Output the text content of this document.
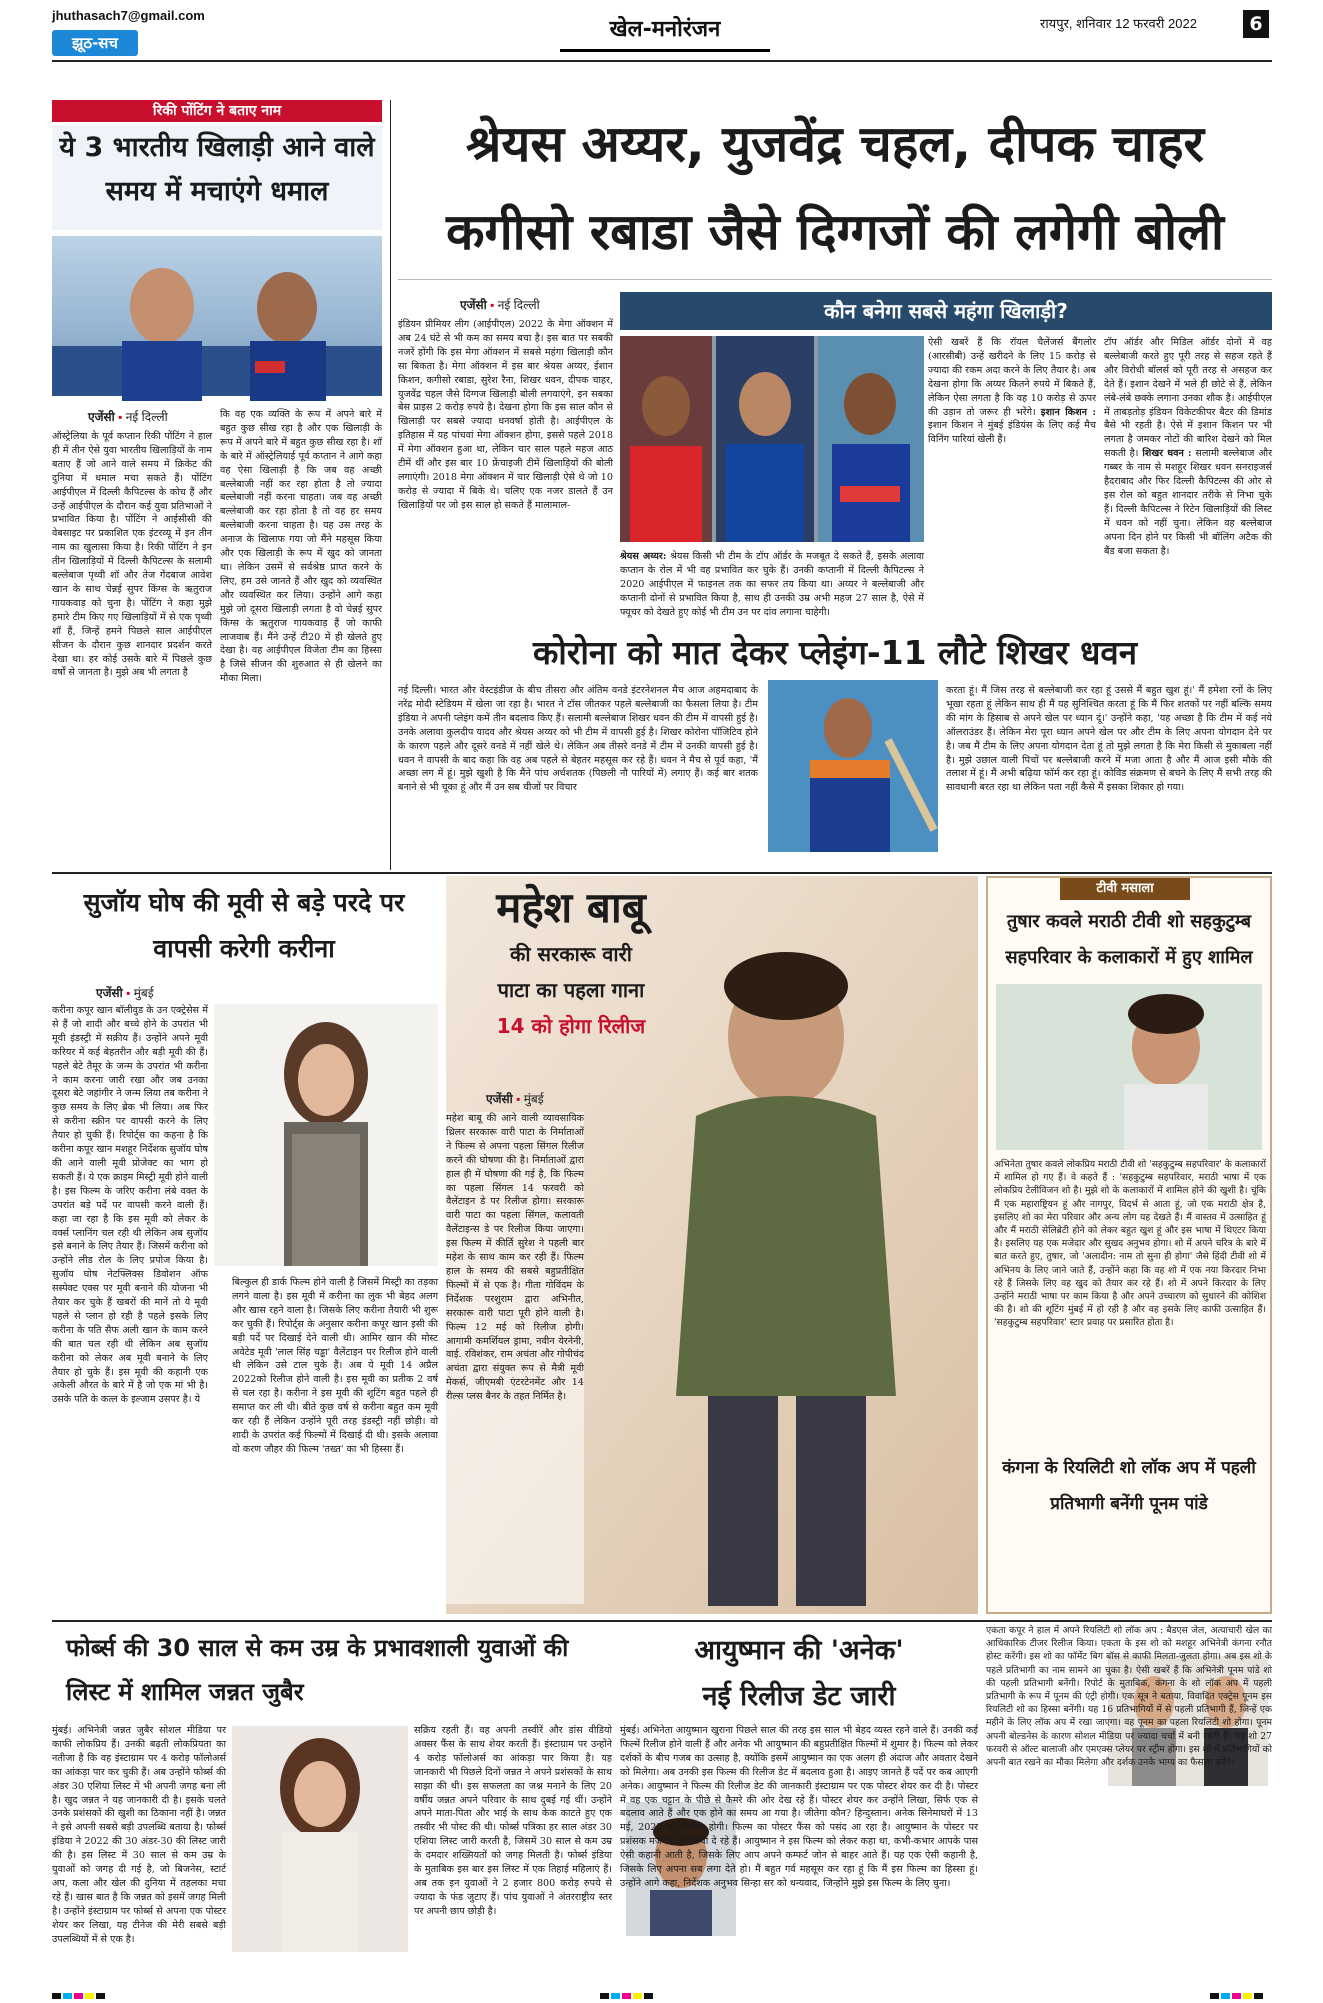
jhuthasach7@gmail.com
झूठ-सच
खेल-मनोरंजन	रायपुर, शनिवार 12 फरवरी 2022	6
रिकी पोंटिंग ने बताए नाम
ये 3 भारतीय खिलाड़ी आने वाले समय में मचाएंगे धमाल
एजेंसी ▪ नई दिल्ली
ऑस्ट्रेलिया के पूर्व कप्तान रिकी पोंटिंग ने हाल ही में तीन ऐसे युवा भारतीय खिलाड़ियों के नाम बताए हैं जो आने वाले समय में क्रिकेट की दुनिया में धमाल मचा सकते हैं। पोंटिंग आईपीएल में दिल्ली कैपिटल्स के कोच हैं और उन्हें आईपीएल के दौरान कई युवा प्रतिभाओं ने प्रभावित किया है। पोंटिंग ने आईसीसी की वेबसाइट पर प्रकाशित एक इंटरव्यू में इन तीन नाम का खुलासा किया है। रिकी पोंटिंग ने इन तीन खिलाड़ियों में दिल्ली कैपिटल्स के सलामी बल्लेबाज पृथ्वी शॉ और तेज गेंदबाज आवेश खान के साथ चेन्नई सुपर किंग्स के ऋतुराज गायकवाड़ को चुना है। पोंटिंग ने कहा मुझे हमारे टीम किए गए खिलाड़ियों में से एक पृथ्वी शॉ हैं, जिन्हें हमने पिछले साल आईपीएल सीजन के दौरान कुछ शानदार प्रदर्शन करते देखा था। हर कोई उसके बारे में पिछले कुछ वर्षों से जानता है। मुझे अब भी लगता है
कि वह एक व्यक्ति के रूप में अपने बारे में बहुत कुछ सीख रहा है और एक खिलाड़ी के रूप में अपने बारे में बहुत कुछ सीख रहा है। शॉ के बारे में ऑस्ट्रेलियाई पूर्व कप्तान ने आगे कहा वह ऐसा खिलाड़ी है कि जब वह अच्छी बल्लेबाजी नहीं कर रहा होता है तो ज्यादा बल्लेबाजी नहीं करना चाहता। जब वह अच्छी बल्लेबाजी कर रहा होता है तो वह हर समय बल्लेबाजी करना चाहता है। यह उस तरह के अनाज के खिलाफ गया जो मैंने महसूस किया और एक खिलाड़ी के रूप में खुद को जानता था। लेकिन उसमें से सर्वश्रेष्ठ प्राप्त करने के लिए, हम उसे जानते हैं और खुद को व्यवस्थित और व्यवस्थित कर लिया। उन्होंने आगे कहा मुझे जो दूसरा खिलाड़ी लगता है वो चेन्नई सुपर किंग्स के ऋतुराज गायकवाड़ हैं जो काफी लाजवाब हैं। मैंने उन्हें टी20 में ही खेलते हुए देखा है। वह आईपीएल विजेता टीम का हिस्सा है जिसे सीजन की शुरुआत से ही खेलने का मौका मिला।
श्रेयस अय्यर, युजवेंद्र चहल, दीपक चाहर
कगीसो रबाडा जैसे दिग्गजों की लगेगी बोली
एजेंसी ▪ नई दिल्ली	कौन बनेगा सबसे महंगा खिलाड़ी?
इंडियन प्रीमियर लीग (आईपीएल) 2022 के मेगा ऑक्शन में अब 24 घंटे से भी कम का समय बचा है। इस बात पर सबकी नजरें होंगी कि इस मेगा ऑक्शन में सबसे महंगा खिलाड़ी कौन सा बिकता है। मेगा ऑक्शन में इस बार श्रेयस अय्यर, ईशान किशन, कगीसो रबाडा, सुरेश रैना, शिखर धवन, दीपक चाहर, युजवेंद्र चहल जैसे दिग्गज खिलाड़ी बोली लगवाएंगे, इन सबका बेस प्राइस 2 करोड़ रुपये है। देखना होगा कि इस साल कौन से खिलाड़ी पर सबसे ज्यादा धनवर्षा होती है। आईपीएल के इतिहास में यह पांचवां मेगा ऑक्शन होगा, इससे पहले 2018 में मेगा ऑक्शन हुआ था, लेकिन चार साल पहले महज आठ टीमें थीं और इस बार 10 फ्रेंचाइजी टीमें खिलाड़ियों की बोली लगाएंगी। 2018 मेगा ऑक्शन में चार खिलाड़ी ऐसे थे जो 10 करोड़ से ज्यादा में बिके थे। चलिए एक नजर डालते हैं उन खिलाड़ियों पर जो इस साल हो सकते हैं मालामाल-
श्रेयस अय्यर: श्रेयस किसी भी टीम के टॉप ऑर्डर के मजबूत दे सकते हैं, इसके अलावा कप्तान के रोल में भी वह प्रभावित कर चुके हैं। उनकी कप्तानी में दिल्ली कैपिटल्स ने 2020 आईपीएल में फाइनल तक का सफर तय किया था। अय्यर ने बल्लेबाजी और कप्तानी दोनों से प्रभावित किया है, साथ ही उनकी उम्र अभी महज 27 साल है, ऐसे में फ्यूचर को देखते हुए कोई भी टीम उन पर दांव लगाना चाहेगी।
ऐसी खबरें हैं कि रॉयल चैलेंजर्स बैंगलोर (आरसीबी) उन्हें खरीदने के लिए 15 करोड़ से ज्यादा की रकम अदा करने के लिए तैयार है। अब देखना होगा कि अय्यर कितने रुपये में बिकते हैं, लेकिन ऐसा लगता है कि वह 10 करोड़ से ऊपर की उड़ान तो जरूर ही भरेंगे। इशान किशन : इशान किशन ने मुंबई इंडियंस के लिए कई मैच विनिंग पारियां खेली हैं।
टॉप ऑर्डर और मिडिल ऑर्डर दोनों में वह बल्लेबाजी करते हुए पूरी तरह से सहज रहते हैं और विरोधी बॉलर्स को पूरी तरह से असहज कर देते हैं। इशान देखने में भले ही छोटे से हैं, लेकिन लंबे-लंबे छक्के लगाना उनका शौक है। आईपीएल में ताबड़तोड़ इंडियन विकेटकीपर बैटर की डिमांड बैसे भी रहती है। ऐसे में इशान किशन पर भी लगता है जमकर नोटों की बारिश देखने को मिल सकती है। शिखर धवन : सलामी बल्लेबाज और गब्बर के नाम से मशहूर शिखर धवन सनराइजर्स हैदराबाद और फिर दिल्ली कैपिटल्स की ओर से इस रोल को बहुत शानदार तरीके से निभा चुके हैं। दिल्ली कैपिटल्स ने रिटेन खिलाड़ियों की लिस्ट में धवन को नहीं चुना। लेकिन वह बल्लेबाज अपना दिन होने पर किसी भी बॉलिंग अटैक की बैंड बजा सकता है।
कोरोना को मात देकर प्लेइंग-11 लौटे शिखर धवन
नई दिल्ली। भारत और वेस्टइंडीज के बीच तीसरा और अंतिम वनडे इंटरनेशनल मैच आज अहमदाबाद के नरेंद्र मोदी स्टेडियम में खेला जा रहा है। भारत ने टॉस जीतकर पहले बल्लेबाजी का फैसला लिया है। टीम इंडिया ने अपनी प्लेइंग कमें तीन बदलाव किए हैं। सलामी बल्लेबाज शिखर धवन की टीम में वापसी हुई है। उनके अलावा कुलदीप यादव और श्रेयस अय्यर को भी टीम में वापसी हुई है। शिखर कोरोना पॉजिटिव होने के कारण पहले और दूसरे वनडे में नहीं खेले थे। लेकिन अब तीसरे वनडे में टीम में उनकी वापसी हुई है। धवन ने वापसी के बाद कहा कि वह अब पहले से बेहतर महसूस कर रहे हैं। धवन ने मैच से पूर्व कहा, 'मैं अच्छा लग में हूं। मुझे खुशी है कि मैंने पांच अर्धशतक (पिछली नौ पारियों में) लगाए हैं। कई बार शतक बनाने से भी चूका हूं और मैं उन सब चीजों पर विचार
करता हूं। मैं जिस तरह से बल्लेबाजी कर रहा हूं उससे मैं बहुत खुश हूं।' मैं हमेशा रनों के लिए भूखा रहता हूं लेकिन साथ ही मैं यह सुनिश्चित करता हूं कि मैं फिर शतकों पर नहीं बल्कि समय की मांग के हिसाब से अपने खेल पर ध्यान दूं।' उन्होंने कहा, 'यह अच्छा है कि टीम में कई नये ऑलराउंडर हैं। लेकिन मेरा पूरा ध्यान अपने खेल पर और टीम के लिए अपना योगदान देने पर है। जब मैं टीम के लिए अपना योगदान देता हूं तो मुझे लगता है कि मेरा किसी से मुकाबला नहीं है। मुझे उछाल वाली पिचों पर बल्लेबाजी करने में मजा आता है और मैं आज इसी मौके की तलाश में हूं। मैं अभी बढ़िया फॉर्म कर रहा हूं। कोविड संक्रमण से बचने के लिए मैं सभी तरह की सावधानी बरत रहा था लेकिन पता नहीं कैसे मैं इसका शिकार हो गया।
सुजॉय घोष की मूवी से बड़े परदे पर वापसी करेगी करीना
एजेंसी ▪ मुंबई
करीना कपूर खान बॉलीवुड के उन एक्ट्रेसेस में से हैं जो शादी और बच्चे होने के उपरांत भी मूवी इंडस्ट्री में सक्रीय हैं। उन्होंने अपने मूवी करियर में कई बेहतरीन और बड़ी मूवी की हैं। पहले बेटे तैमूर के जन्म के उपरांत भी करीना ने काम करना जारी रखा और जब उनका दूसरा बेटे जहांगीर ने जन्म लिया तब करीना ने कुछ समय के लिए ब्रेक भी लिया। अब फिर से करीना स्क्रीन पर वापसी करने के लिए तैयार हो चुकी हैं। रिपोर्ट्स का कहना है कि करीना कपूर खान मशहूर निर्देशक सुजॉय घोष की आने वाली मूवी प्रोजेक्ट का भाग हो सकती हैं। ये एक क्राइम मिस्ट्री मूवी होने वाली है। इस फिल्म के जरिए करीना लंबे वक्त के उपरांत बड़े पर्दे पर वापसी करने वाली हैं। कहा जा रहा है कि इस मूवी को लेकर के वर्क्स प्लानिंग चल रही थी लेकिन अब सुजॉय इसे बनाने के लिए तैयार हैं। जिसमें करीना को उन्होंने लीड रोल के लिए प्रपोज किया है। सुजॉय घोष नेटफ्लिक्स डिवोशन ऑफ सस्पेक्ट एक्स पर मूवी बनाने की योजना भी तैयार कर चुके हैं खबरों की मानें तो ये मूवी पहले से प्लान हो रही है पहले इसके लिए करीना के पति सैफ अली खान के काम करने की बात चल रही थी लेकिन अब सुजॉय करीना को लेकर अब मूवी बनाने के लिए तैयार हो चुके हैं। इस मूवी की कहानी एक अकेली औरत के बारे में है जो एक मां भी है। उसके पति के कत्ल के इल्जाम उसपर है। ये
बिल्कुल ही डार्क फिल्म होने वाली है जिसमें मिस्ट्री का तड़का लगने वाला है। इस मूवी में करीना का लुक भी बेहद अलग और खास रहने वाला है। जिसके लिए करीना तैयारी भी शुरू कर चुकी हैं। रिपोर्ट्स के अनुसार करीना कपूर खान इसी की बड़ी पर्दे पर दिखाई देने वाली थी। आमिर खान की मोस्ट अवेटेड मूवी 'लाल सिंह चड्ढा' वैलेंटाइन पर रिलीज होने वाली थी लेकिन उसे टाल चुके हैं। अब ये मूवी 14 अप्रैल 2022को रिलीज होने वाली है। इस मूवी का प्रतीक 2 वर्ष से चल रहा है। करीना ने इस मूवी की शूटिंग बहुत पहले ही समाप्त कर ली थी। बीते कुछ वर्ष से करीना बहुत कम मूवी कर रही हैं लेकिन उन्होंने पूरी तरह इंडस्ट्री नहीं छोड़ी। वो शादी के उपरांत कई फिल्मों में दिखाई दी थी। इसके अलावा वो करण जौहर की फिल्म 'तख्त' का भी हिस्सा हैं।
महेश बाबू
की सरकारू वारी
पाटा का पहला गाना
14 को होगा रिलीज
एजेंसी ▪ मुंबई
महेश बाबू की आने वाली व्यावसायिक थ्रिलर सरकारू वारी पाटा के निर्माताओं ने फिल्म से अपना पहला सिंगल रिलीज करने की घोषणा की है। निर्माताओं द्वारा हाल ही में घोषणा की गई है, कि फिल्म का पहला सिंगल 14 फरवरी को वैलेंटाइन डे पर रिलीज होगा। सरकारू वारी पाटा का पहला सिंगल, कलावती वैलेंटाइन्स डे पर रिलीज किया जाएगा। इस फिल्म में कीर्ति सुरेश ने पहली बार महेश के साथ काम कर रही हैं। फिल्म हाल के समय की सबसे बहुप्रतीक्षित फिल्मों में से एक है। गीता गोविंदम के निर्देशक परशुराम द्वारा अभिनीत, सरकारू वारी पाटा पूरी होने वाली है। फिल्म 12 मई को रिलीज होगी। आगामी कमर्शियल ड्रामा, नवीन येरनेनी, वाई. रविशंकर, राम अचंता और गोपीचंद अचंता द्वारा संयुक्त रूप से मैत्री मूवी मेकर्स, जीएमबी एंटरटेनमेंट और 14 रील्स प्लस बैनर के तहत निर्मित है।
टीवी मसाला
तुषार कवले मराठी टीवी शो सहकुटुम्ब सहपरिवार के कलाकारों में हुए शामिल
अभिनेता तुषार कवले लोकप्रिय मराठी टीवी शो 'सहकुटुम्ब सहपरिवार' के कलाकारों में शामिल हो गए हैं। वे कहते हैं : 'सहकुटुम्ब सहपरिवार, मराठी भाषा में एक लोकप्रिय टेलीविजन शो है। मुझे शो के कलाकारों में शामिल होने की खुशी है। चूंकि मैं एक महाराष्ट्रियन हूं और नागपुर, विदर्भ से आता हूं, जो एक मराठी क्षेत्र है, इसलिए शो का मेरा परिवार और अन्य लोग यह देखते हैं। मैं वास्तव में उत्साहित हूं और मैं मराठी सेलिब्रेटी होने को लेकर बहुत खुश हूं और इस भाषा में थिएटर किया है। इसलिए यह एक मजेदार और सुखद अनुभव होगा। शो में अपने चरित्र के बारे में बात करते हुए, तुषार, जो 'अलादीन: नाम तो सुना ही होगा' जैसे हिंदी टीवी शो में अभिनय के लिए जाने जाते हैं, उन्होंने कहा कि वह शो में एक नया किरदार निभा रहे हैं जिसके लिए वह खुद को तैयार कर रहे हैं। शो में अपने किरदार के लिए उन्होंने मराठी भाषा पर काम किया है और अपने उच्चारण को सुधारने की कोशिश की है। शो की शूटिंग मुंबई में हो रही है और वह इसके लिए काफी उत्साहित हैं। 'सहकुटुम्ब सहपरिवार' स्टार प्रवाह पर प्रसारित होता है।
कंगना के रियलिटी शो लॉक अप में पहली प्रतिभागी बनेंगी पूनम पांडे
फोर्ब्स की 30 साल से कम उम्र के प्रभावशाली युवाओं की लिस्ट में शामिल जन्नत जुबैर
मुंबई। अभिनेत्री जन्नत जुबैर सोशल मीडिया पर काफी लोकप्रिय हैं। उनकी बढ़ती लोकप्रियता का नतीजा है कि वह इंस्टाग्राम पर 4 करोड़ फॉलोअर्स का आंकड़ा पार कर चुकी हैं। अब उन्होंने फोर्ब्स की अंडर 30 एशिया लिस्ट में भी अपनी जगह बना ली है। खुद जन्नत ने यह जानकारी दी है। इसके चलते उनके प्रशंसकों की खुशी का ठिकाना नहीं है। जन्नत ने इसे अपनी सबसे बड़ी उपलब्धि बताया है। फोर्ब्स इंडिया ने 2022 की 30 अंडर-30 की लिस्ट जारी की है। इस लिस्ट में 30 साल से कम उम्र के युवाओं को जगह दी गई है, जो बिजनेस, स्टार्ट अप, कला और खेल की दुनिया में तहलका मचा रहे हैं। खास बात है कि जन्नत को इसमें जगह मिली है। उन्होंने इंस्टाग्राम पर फोर्ब्स से अपना एक पोस्टर शेयर कर लिखा, यह टीनेज की मेरी सबसे बड़ी उपलब्धियों में से एक है।
सक्रिय रहती हैं। वह अपनी तस्वीरें और डांस वीडियो अक्सर फैंस के साथ शेयर करती हैं। इंस्टाग्राम पर उन्होंने 4 करोड़ फॉलोअर्स का आंकड़ा पार किया है। यह जानकारी भी पिछले दिनों जन्नत ने अपने प्रशंसकों के साथ साझा की थी। इस सफलता का जश्न मनाने के लिए 20 वर्षीय जन्नत अपने परिवार के साथ दुबई गई थीं। उन्होंने अपने माता-पिता और भाई के साथ केक काटते हुए एक तस्वीर भी पोस्ट की थी। फोर्ब्स पत्रिका हर साल अंडर 30 एशिया लिस्ट जारी करती है, जिसमें 30 साल से कम उम्र के दमदार शख्सियतों को जगह मिलती है। फोर्ब्स इंडिया के मुताबिक इस बार इस लिस्ट में एक तिहाई महिलाएं हैं। अब तक इन युवाओं ने 2 हजार 800 करोड़ रुपये से ज्यादा के फंड जुटाए हैं। पांच युवाओं ने अंतरराष्ट्रीय स्तर पर अपनी छाप छोड़ी है।
आयुष्मान की 'अनेक'
नई रिलीज डेट जारी
मुंबई। अभिनेता आयुष्मान खुराना पिछले साल की तरह इस साल भी बेहद व्यस्त रहने वाले हैं। उनकी कई फिल्में रिलीज होने वाली हैं और अनेक भी आयुष्मान की बहुप्रतीक्षित फिल्मों में शुमार है। फिल्म को लेकर दर्शकों के बीच गजब का उत्साह है, क्योंकि इसमें आयुष्मान का एक अलग ही अंदाज और अवतार देखने को मिलेगा। अब उनकी इस फिल्म की रिलीज डेट में बदलाव हुआ है। आइए जानते हैं पर्दे पर कब आएगी अनेक। आयुष्मान ने फिल्म की रिलीज डेट की जानकारी इंस्टाग्राम पर एक पोस्टर शेयर कर दी है। पोस्टर में वह एक चट्टान के पीछे से कैमरे की ओर देख रहे हैं। पोस्टर शेयर कर उन्होंने लिखा, सिर्फ एक से बदलाव आते हैं और एक होने का समय आ गया है। जीतेगा कौन? हिन्दुस्तान। अनेक सिनेमाघरों में 13 मई, 2022 को रिलीज होगी। फिल्म का पोस्टर फैंस को पसंद आ रहा है। आयुष्मान के पोस्टर पर प्रशंसक मजेदार प्रतिक्रिया दे रहे हैं। आयुष्मान ने इस फिल्म को लेकर कहा था, कभी-कभार आपके पास ऐसी कहानी आती है, जिसके लिए आप अपने कम्फर्ट जोन से बाहर आते हैं। यह एक ऐसी कहानी है, जिसके लिए अपना सब लगा देते हो। मैं बहुत गर्व महसूस कर रहा हूं कि मैं इस फिल्म का हिस्सा हूं। उन्होंने आगे कहा, निर्देशक अनुभव सिन्हा सर को धन्यवाद, जिन्होंने मुझे इस फिल्म के लिए चुना।
एकता कपूर ने हाल में अपने रियलिटी शो लॉक अप : बैडएस जेल, अत्याचारी खेल का आधिकारिक टीजर रिलीज किया। एकता के इस शो को मशहूर अभिनेत्री कंगना रनौत होस्ट करेंगी। इस शो का फॉर्मेट बिग बॉस से काफी मिलता-जुलता होगा। अब इस शो के पहले प्रतिभागी का नाम सामने आ चुका है। ऐसी खबरें हैं कि अभिनेत्री पूनम पांडे शो की पहली प्रतिभागी बनेंगी। रिपोर्ट के मुताबिक, कंगना के शो लॉक अप में पहली प्रतिभागी के रूप में पूनम की एंट्री होगी। एक सूत्र ने बताया, विवादित एक्ट्रेस पूनम इस रियलिटी शो का हिस्सा बनेंगी। यह 16 प्रतिभागियों में से पहली प्रतिभागी हैं, जिन्हें एक महीने के लिए लॉक अप में रखा जाएगा। वह पूनम का पहला रियलिटी शो होगा। पूनम अपनी बोल्डनेस के कारण सोशल मीडिया पर ज्यादा चर्चा में बनी रहती हैं। यह शो 27 फरवरी से ऑल्ट बालाजी और एमएक्स प्लेयर पर स्ट्रीम होगा। इस शो में प्रतिभागियों को अपनी बात रखने का मौका मिलेगा और दर्शक उनके भाग्य का फैसला करेंगे।
